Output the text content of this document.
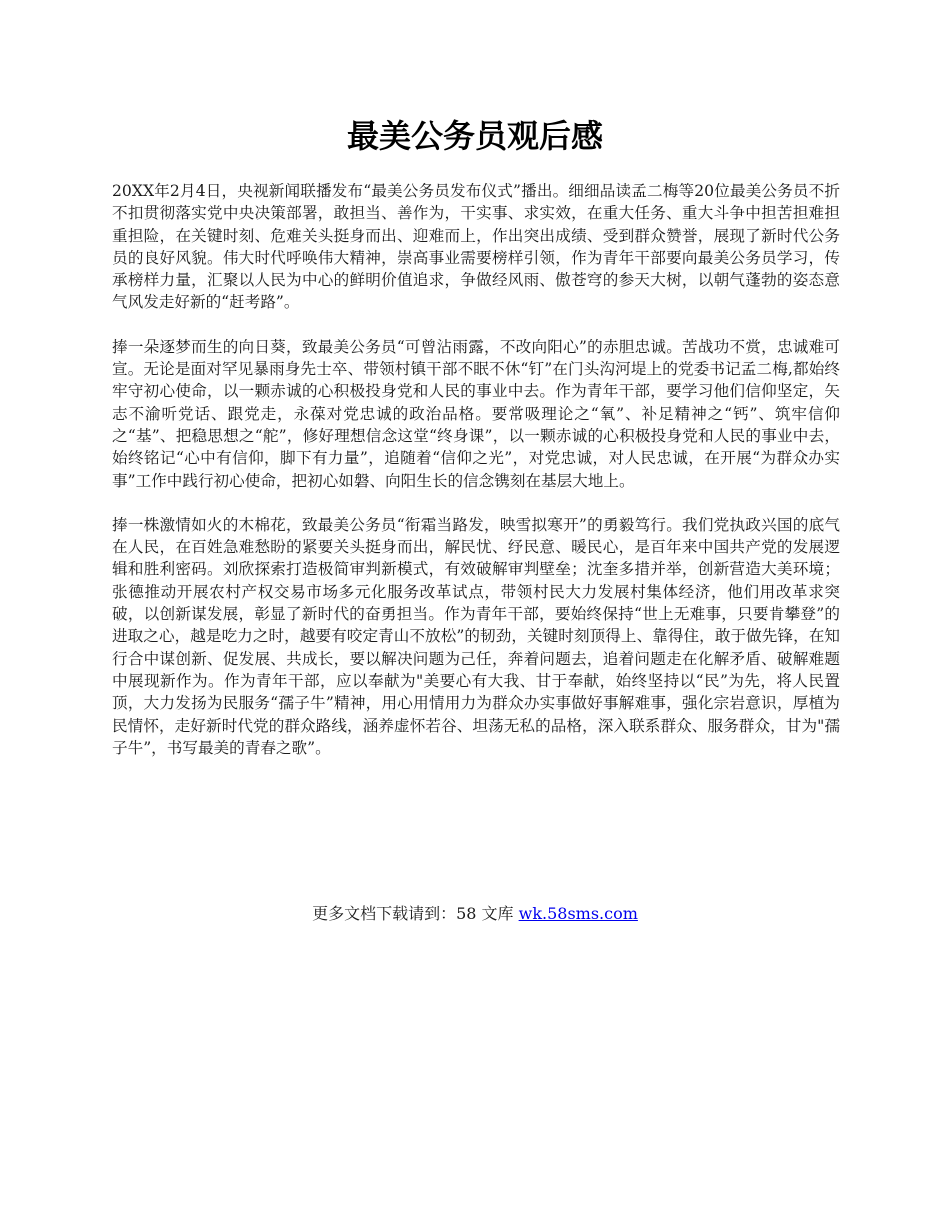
最美公务员观后感

20XX年2月4日，央视新闻联播发布“最美公务员发布仪式”播出。细细品读孟二梅等20位最美公务员不折不扣贯彻落实党中央决策部署，敢担当、善作为，干实事、求实效，在重大任务、重大斗争中担苦担难担重担险，在关键时刻、危难关头挺身而出、迎难而上，作出突出成绩、受到群众赞誉，展现了新时代公务员的良好风貌。伟大时代呼唤伟大精神，崇高事业需要榜样引领，作为青年干部要向最美公务员学习，传承榜样力量，汇聚以人民为中心的鲜明价值追求，争做经风雨、傲苍穹的参天大树，以朝气蓬勃的姿态意气风发走好新的“赶考路”。

捧一朵逐梦而生的向日葵，致最美公务员“可曾沾雨露，不改向阳心”的赤胆忠诚。苦战功不赏，忠诚难可宣。无论是面对罕见暴雨身先士卒、带领村镇干部不眠不休“钉”在门头沟河堤上的党委书记孟二梅,都始终牢守初心使命，以一颗赤诚的心积极投身党和人民的事业中去。作为青年干部，要学习他们信仰坚定，矢志不渝听党话、跟党走，永葆对党忠诚的政治品格。要常吸理论之“氧”、补足精神之“钙”、筑牢信仰之“基”、把稳思想之“舵”，修好理想信念这堂“终身课”，以一颗赤诚的心积极投身党和人民的事业中去，始终铭记“心中有信仰，脚下有力量”，追随着“信仰之光”，对党忠诚，对人民忠诚，在开展“为群众办实事”工作中践行初心使命，把初心如磐、向阳生长的信念镌刻在基层大地上。

捧一株激情如火的木棉花，致最美公务员“衔霜当路发，映雪拟寒开”的勇毅笃行。我们党执政兴国的底气在人民，在百姓急难愁盼的紧要关头挺身而出，解民忧、纾民意、暖民心，是百年来中国共产党的发展逻辑和胜利密码。刘欣探索打造极简审判新模式，有效破解审判壁垒；沈奎多措并举，创新营造大美环境；张德推动开展农村产权交易市场多元化服务改革试点，带领村民大力发展村集体经济，他们用改革求突破，以创新谋发展，彰显了新时代的奋勇担当。作为青年干部，要始终保持“世上无难事，只要肯攀登”的进取之心，越是吃力之时，越要有咬定青山不放松”的韧劲，关键时刻顶得上、靠得住，敢于做先锋，在知行合中谋创新、促发展、共成长，要以解决问题为己任，奔着问题去，追着问题走在化解矛盾、破解难题中展现新作为。作为青年干部，应以奉献为"美要心有大我、甘于奉献，始终坚持以“民”为先，将人民置顶，大力发扬为民服务“孺子牛”精神，用心用情用力为群众办实事做好事解难事，强化宗岩意识，厚植为民情怀，走好新时代党的群众路线，涵养虚怀若谷、坦荡无私的品格，深入联系群众、服务群众，甘为"孺子牛”，书写最美的青春之歌”。

更多文档下载请到：58 文库 wk.58sms.com
